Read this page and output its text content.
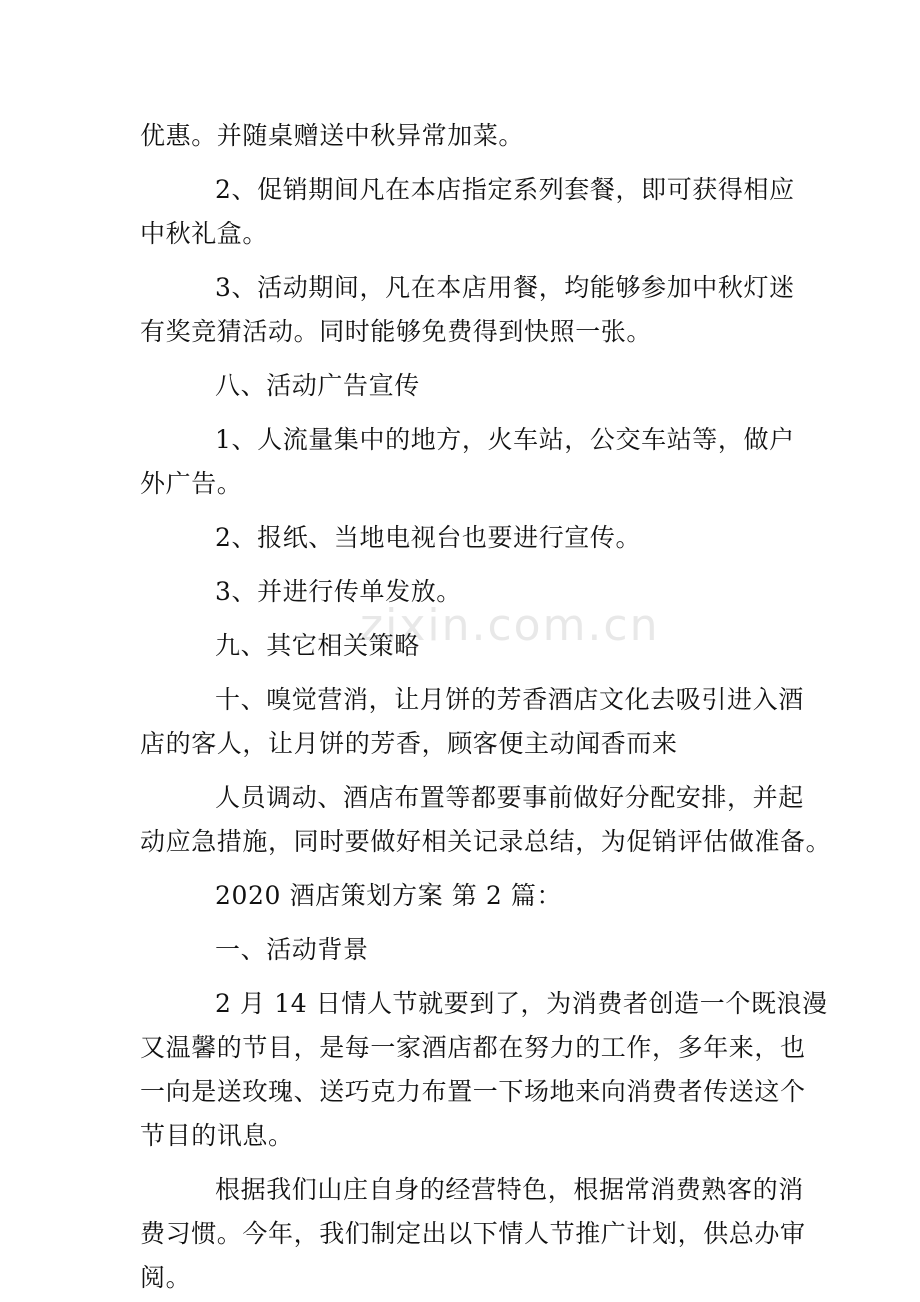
zixin.com.cn
优惠。并随桌赠送中秋异常加菜。
2、促销期间凡在本店指定系列套餐，即可获得相应
中秋礼盒。
3、活动期间，凡在本店用餐，均能够参加中秋灯迷
有奖竞猜活动。同时能够免费得到快照一张。
八、活动广告宣传
1、人流量集中的地方，火车站，公交车站等，做户
外广告。
2、报纸、当地电视台也要进行宣传。
3、并进行传单发放。
九、其它相关策略
十、嗅觉营消，让月饼的芳香酒店文化去吸引进入酒
店的客人，让月饼的芳香，顾客便主动闻香而来
人员调动、酒店布置等都要事前做好分配安排，并起
动应急措施，同时要做好相关记录总结，为促销评估做准备。
2020 酒店策划方案 第 2 篇：
一、活动背景
2 月 14 日情人节就要到了，为消费者创造一个既浪漫
又温馨的节目，是每一家酒店都在努力的工作，多年来，也
一向是送玫瑰、送巧克力布置一下场地来向消费者传送这个
节目的讯息。
根据我们山庄自身的经营特色，根据常消费熟客的消
费习惯。今年，我们制定出以下情人节推广计划，供总办审
阅。
